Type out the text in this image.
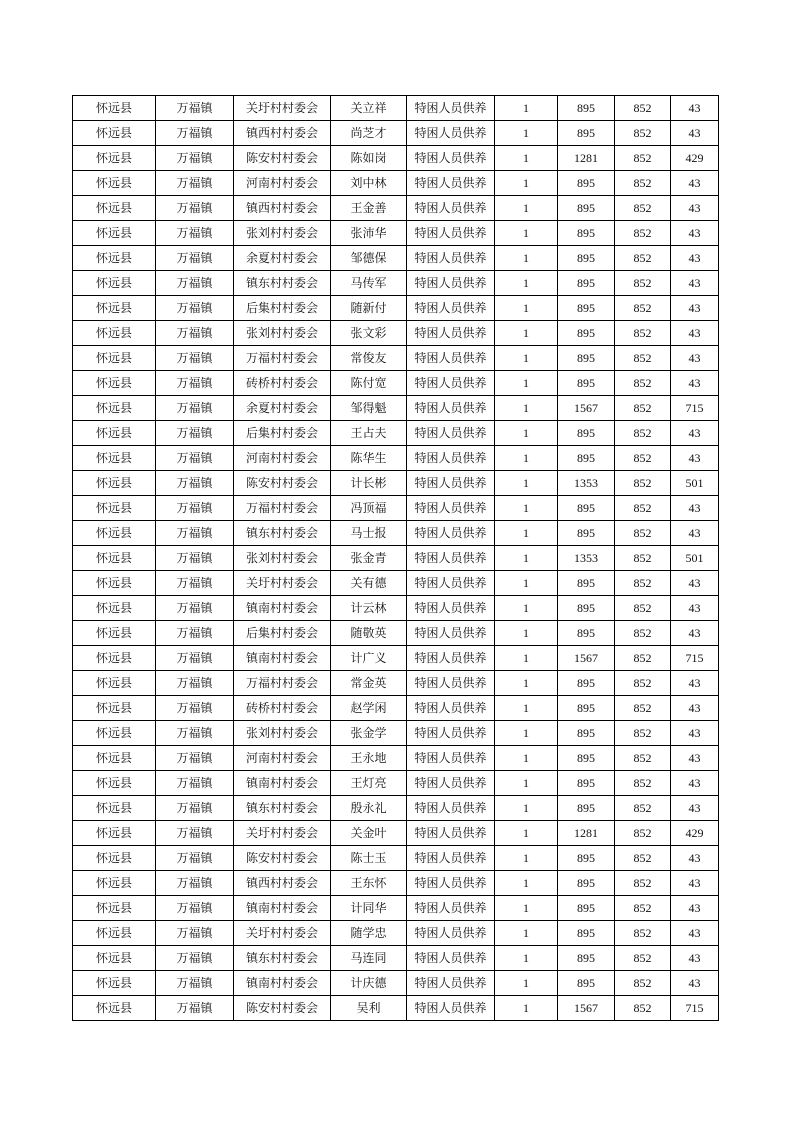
怀远县	万福镇	关圩村村委会	关立祥	特困人员供养	1	895	852	43
怀远县	万福镇	镇西村村委会	尚芝才	特困人员供养	1	895	852	43
怀远县	万福镇	陈安村村委会	陈如岗	特困人员供养	1	1281	852	429
怀远县	万福镇	河南村村委会	刘中林	特困人员供养	1	895	852	43
怀远县	万福镇	镇西村村委会	王金善	特困人员供养	1	895	852	43
怀远县	万福镇	张刘村村委会	张沛华	特困人员供养	1	895	852	43
怀远县	万福镇	余夏村村委会	邹德保	特困人员供养	1	895	852	43
怀远县	万福镇	镇东村村委会	马传军	特困人员供养	1	895	852	43
怀远县	万福镇	后集村村委会	随新付	特困人员供养	1	895	852	43
怀远县	万福镇	张刘村村委会	张文彩	特困人员供养	1	895	852	43
怀远县	万福镇	万福村村委会	常俊友	特困人员供养	1	895	852	43
怀远县	万福镇	砖桥村村委会	陈付宽	特困人员供养	1	895	852	43
怀远县	万福镇	余夏村村委会	邹得魁	特困人员供养	1	1567	852	715
怀远县	万福镇	后集村村委会	王占夫	特困人员供养	1	895	852	43
怀远县	万福镇	河南村村委会	陈华生	特困人员供养	1	895	852	43
怀远县	万福镇	陈安村村委会	计长彬	特困人员供养	1	1353	852	501
怀远县	万福镇	万福村村委会	冯顶福	特困人员供养	1	895	852	43
怀远县	万福镇	镇东村村委会	马士报	特困人员供养	1	895	852	43
怀远县	万福镇	张刘村村委会	张金青	特困人员供养	1	1353	852	501
怀远县	万福镇	关圩村村委会	关有德	特困人员供养	1	895	852	43
怀远县	万福镇	镇南村村委会	计云林	特困人员供养	1	895	852	43
怀远县	万福镇	后集村村委会	随敬英	特困人员供养	1	895	852	43
怀远县	万福镇	镇南村村委会	计广义	特困人员供养	1	1567	852	715
怀远县	万福镇	万福村村委会	常金英	特困人员供养	1	895	852	43
怀远县	万福镇	砖桥村村委会	赵学闲	特困人员供养	1	895	852	43
怀远县	万福镇	张刘村村委会	张金学	特困人员供养	1	895	852	43
怀远县	万福镇	河南村村委会	王永地	特困人员供养	1	895	852	43
怀远县	万福镇	镇南村村委会	王灯亮	特困人员供养	1	895	852	43
怀远县	万福镇	镇东村村委会	殷永礼	特困人员供养	1	895	852	43
怀远县	万福镇	关圩村村委会	关金叶	特困人员供养	1	1281	852	429
怀远县	万福镇	陈安村村委会	陈士玉	特困人员供养	1	895	852	43
怀远县	万福镇	镇西村村委会	王东怀	特困人员供养	1	895	852	43
怀远县	万福镇	镇南村村委会	计同华	特困人员供养	1	895	852	43
怀远县	万福镇	关圩村村委会	随学忠	特困人员供养	1	895	852	43
怀远县	万福镇	镇东村村委会	马连同	特困人员供养	1	895	852	43
怀远县	万福镇	镇南村村委会	计庆德	特困人员供养	1	895	852	43
怀远县	万福镇	陈安村村委会	吴利	特困人员供养	1	1567	852	715
